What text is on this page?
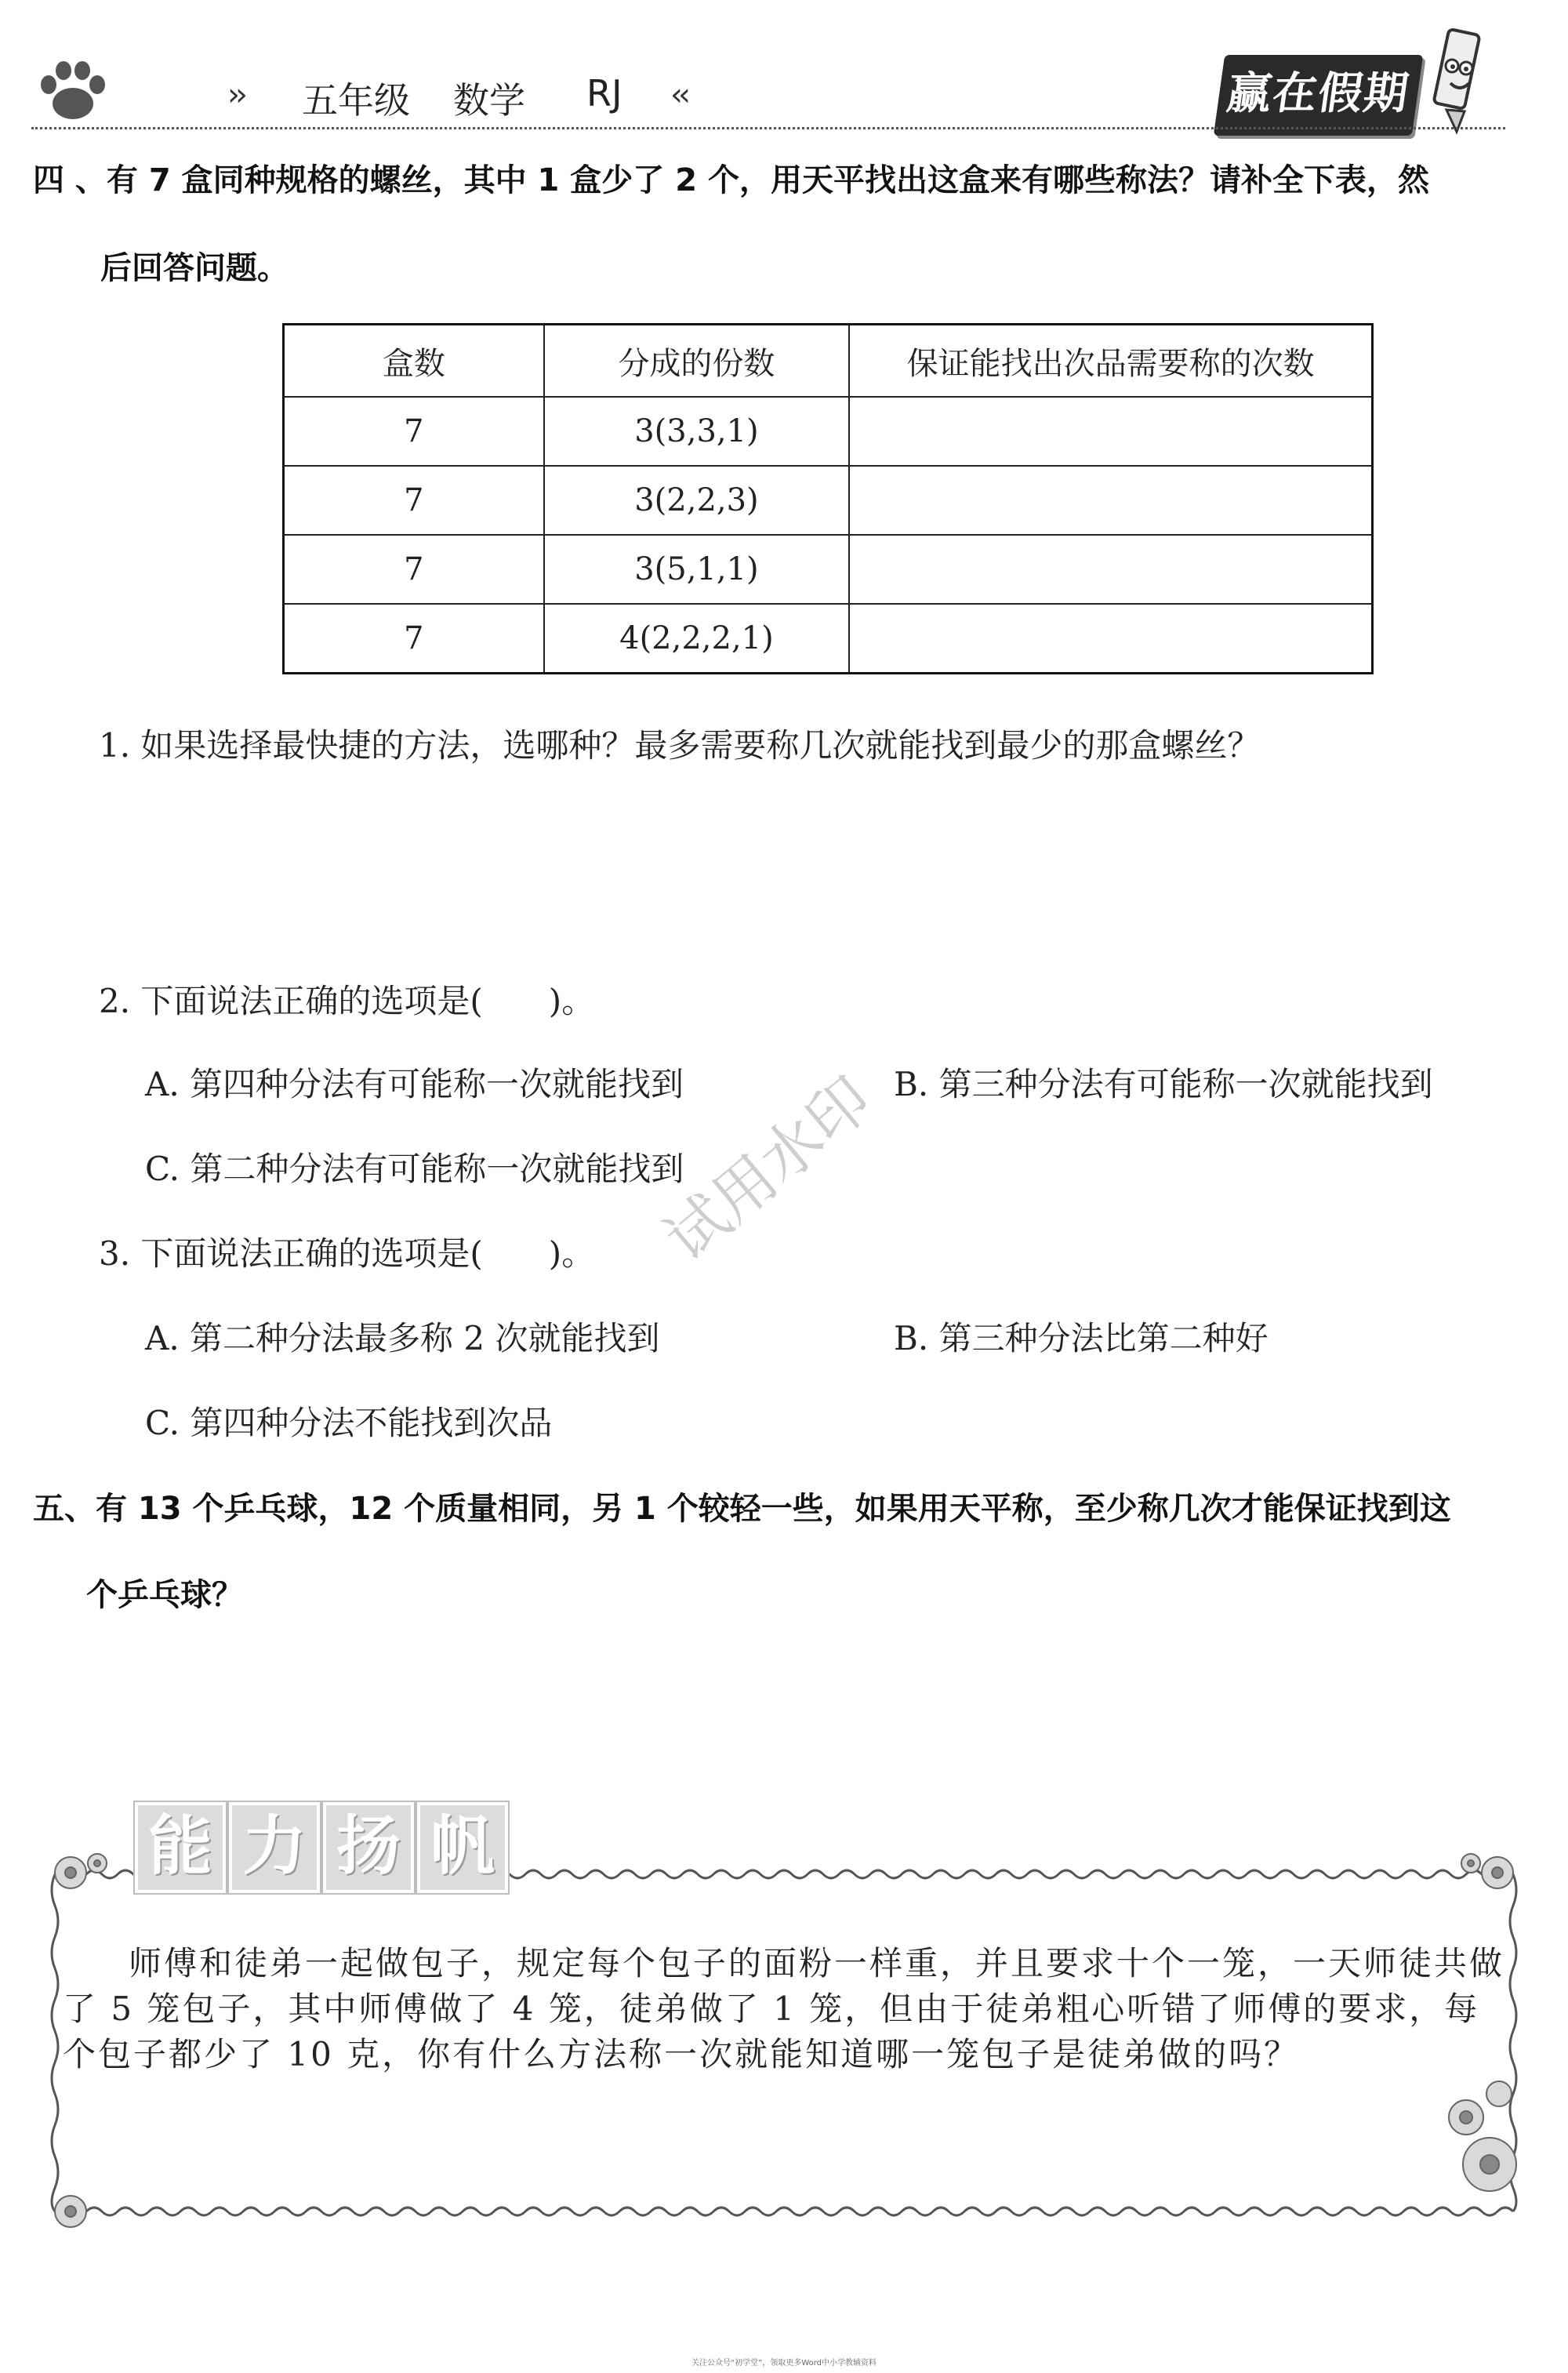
›› 五年级 数学 RJ ‹‹	赢在假期
四 、有 7 盒同种规格的螺丝，其中 1 盒少了 2 个，用天平找出这盒来有哪些称法？请补全下表，然
后回答问题。
盒数	分成的份数	保证能找出次品需要称的次数
7	3(3,3,1)	
7	3(2,2,3)	
7	3(5,1,1)	
7	4(2,2,2,1)	
1. 如果选择最快捷的方法，选哪种？最多需要称几次就能找到最少的那盒螺丝？
2. 下面说法正确的选项是(　　)。
A. 第四种分法有可能称一次就能找到	B. 第三种分法有可能称一次就能找到
C. 第二种分法有可能称一次就能找到
3. 下面说法正确的选项是(　　)。
A. 第二种分法最多称 2 次就能找到	B. 第三种分法比第二种好
C. 第四种分法不能找到次品
试用水印
五、有 13 个乒乓球，12 个质量相同，另 1 个较轻一些，如果用天平称，至少称几次才能保证找到这
个乒乓球？
能 力 扬 帆
师傅和徒弟一起做包子，规定每个包子的面粉一样重，并且要求十个一笼，一天师徒共做了 5 笼包子，其中师傅做了 4 笼，徒弟做了 1 笼，但由于徒弟粗心听错了师傅的要求，每个包子都少了 10 克，你有什么方法称一次就能知道哪一笼包子是徒弟做的吗？
关注公众号“初学堂”，领取更多Word中小学教辅资料
